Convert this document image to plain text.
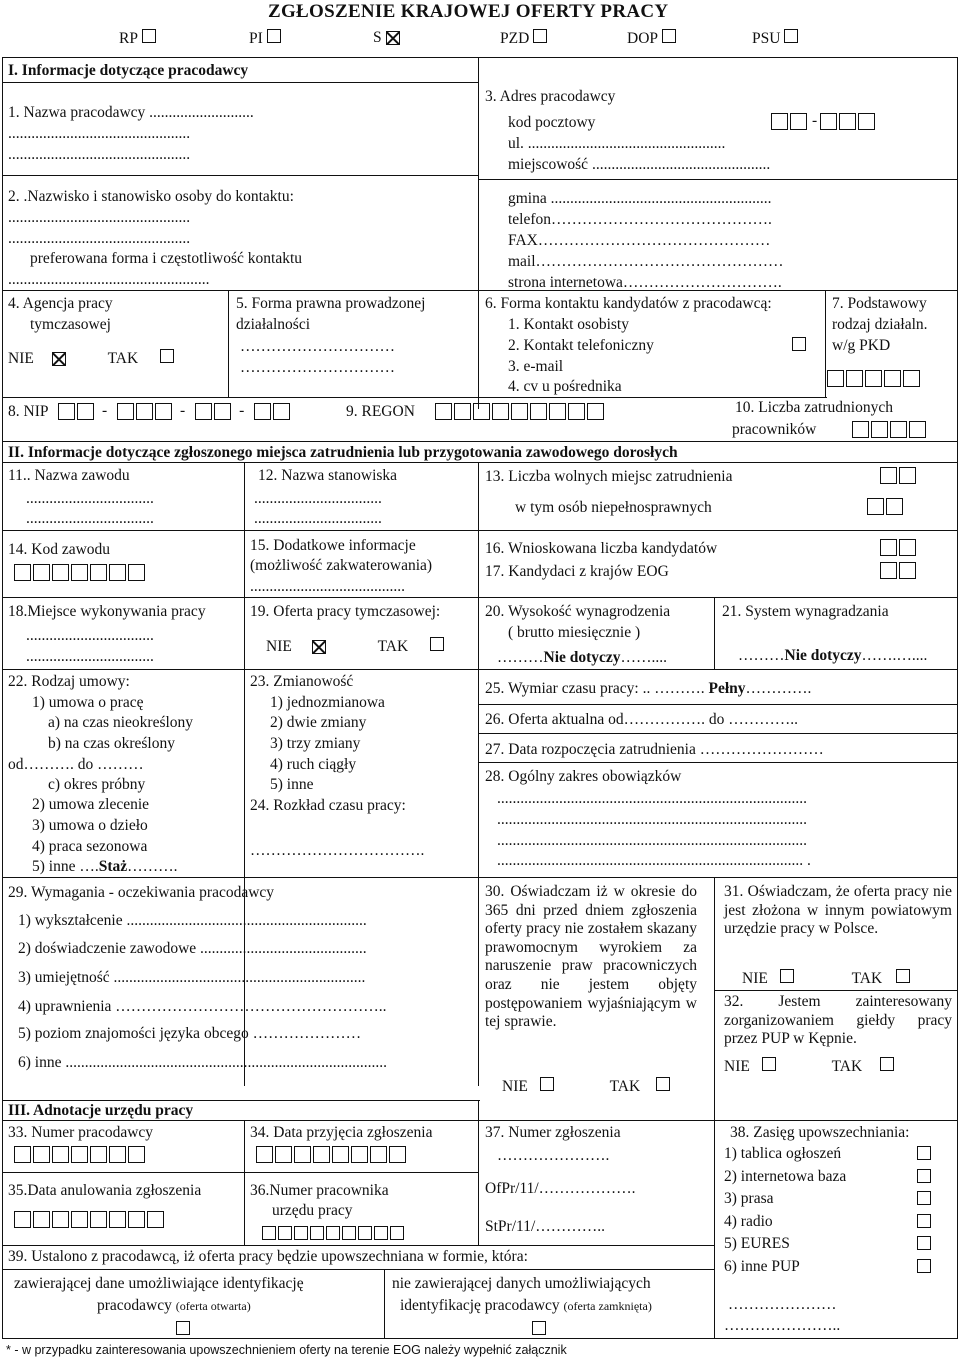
ZGŁOSZENIE KRAJOWEJ OFERTY PRACY
RP	PI	S	PZD	DOP	PSU
I. Informacje dotyczące pracodawcy
1. Nazwa pracodawcy ...........................
...............................................
...............................................
2. .Nazwisko i stanowisko osoby do kontaktu:
...............................................
...............................................
preferowana forma i częstotliwość kontaktu
....................................................
3. Adres pracodawcy
kod pocztowy	-
ul. ...................................................
miejscowość ..............................................
gmina .........................................................
telefon…………………………………….
FAX………………………………………
mail…………………………………………
strona internetowa………………………….
4. Agencja pracy
tymczasowej
NIE	TAK
5. Forma prawna prowadzonej
działalności
…………………………
…………………………
6. Forma kontaktu kandydatów z pracodawcą:
1. Kontakt osobisty
2. Kontakt telefoniczny
3. e-mail
4. cv u pośrednika
7. Podstawowy
rodzaj działaln.
w/g PKD
8. NIP	-	-	-	9. REGON	10. Liczba zatrudnionych
pracowników
II. Informacje dotyczące zgłoszonego miejsca zatrudnienia lub przygotowania zawodowego dorosłych
11.. Nazwa zawodu
.................................
.................................
12. Nazwa stanowiska
.................................
.................................
13. Liczba wolnych miejsc zatrudnienia
w tym osób niepełnosprawnych
14. Kod zawodu	15. Dodatkowe informacje
(możliwość zakwaterowania)
........................................
16. Wnioskowana liczba kandydatów
17. Kandydaci z krajów EOG
18.Miejsce wykonywania pracy
.................................
.................................
19. Oferta pracy tymczasowej:
NIE	TAK
20. Wysokość wynagrodzenia
( brutto miesięcznie )
………Nie dotyczy……....
21. System wynagradzania
………Nie dotyczy…….…....
22. Rodzaj umowy:
1) umowa o pracę
a) na czas nieokreślony
b) na czas określony
od………. do ………
c) okres próbny
2) umowa zlecenie
3) umowa o dzieło
4) praca sezonowa
5) inne ….Staż……….
23. Zmianowość
1) jednozmianowa
2) dwie zmiany
3) trzy zmiany
4) ruch ciągły
5) inne
24. Rozkład czasu pracy:
…………………………….
25. Wymiar czasu pracy: .. ………. Pełny………….
26. Oferta aktualna od……………. do …………..
27. Data rozpoczęcia zatrudnienia ……………………
28. Ogólny zakres obowiązków
................................................................................
................................................................................
................................................................................
............................................................................... .
29. Wymagania - oczekiwania pracodawcy
1) wykształcenie ..............................................................
2) doświadczenie zawodowe ...........................................
3) umiejętność .................................................................
4) uprawnienia ……………………………………………..
5) poziom znajomości języka obcego …………………
6) inne ...................................................................................
30. Oświadczam iż w okresie do 365 dni przed dniem zgłoszenia oferty pracy nie zostałem skazany prawomocnym wyrokiem za naruszenie praw pracowniczych oraz nie jestem objęty postępowaniem wyjaśniającym w tej sprawie.
NIE	TAK
31. Oświadczam, że oferta pracy nie jest złożona w innym powiatowym urzędzie pracy w Polsce.
NIE	TAK
32. Jestem zainteresowany zorganizowaniem giełdy pracy przez PUP w Kępnie.
NIE	TAK
III. Adnotacje urzędu pracy
33. Numer pracodawcy	34. Data przyjęcia zgłoszenia
35.Data anulowania zgłoszenia	36.Numer pracownika
urzędu pracy
37. Numer zgłoszenia
………………….
OfPr/11/……………….
StPr/11/…………..
38. Zasięg upowszechniania:
1) tablica ogłoszeń
2) internetowa baza
3) prasa
4) radio
5) EURES
6) inne PUP
…………………
…………………..
39. Ustalono z pracodawcą, iż oferta pracy będzie upowszechniana w formie, która:
zawierającej dane umożliwiające identyfikację
pracodawcy (oferta otwarta)
nie zawierającej danych umożliwiających
identyfikację pracodawcy (oferta zamknięta)
* - w przypadku zainteresowania upowszechnieniem oferty na terenie EOG należy wypełnić załącznik
